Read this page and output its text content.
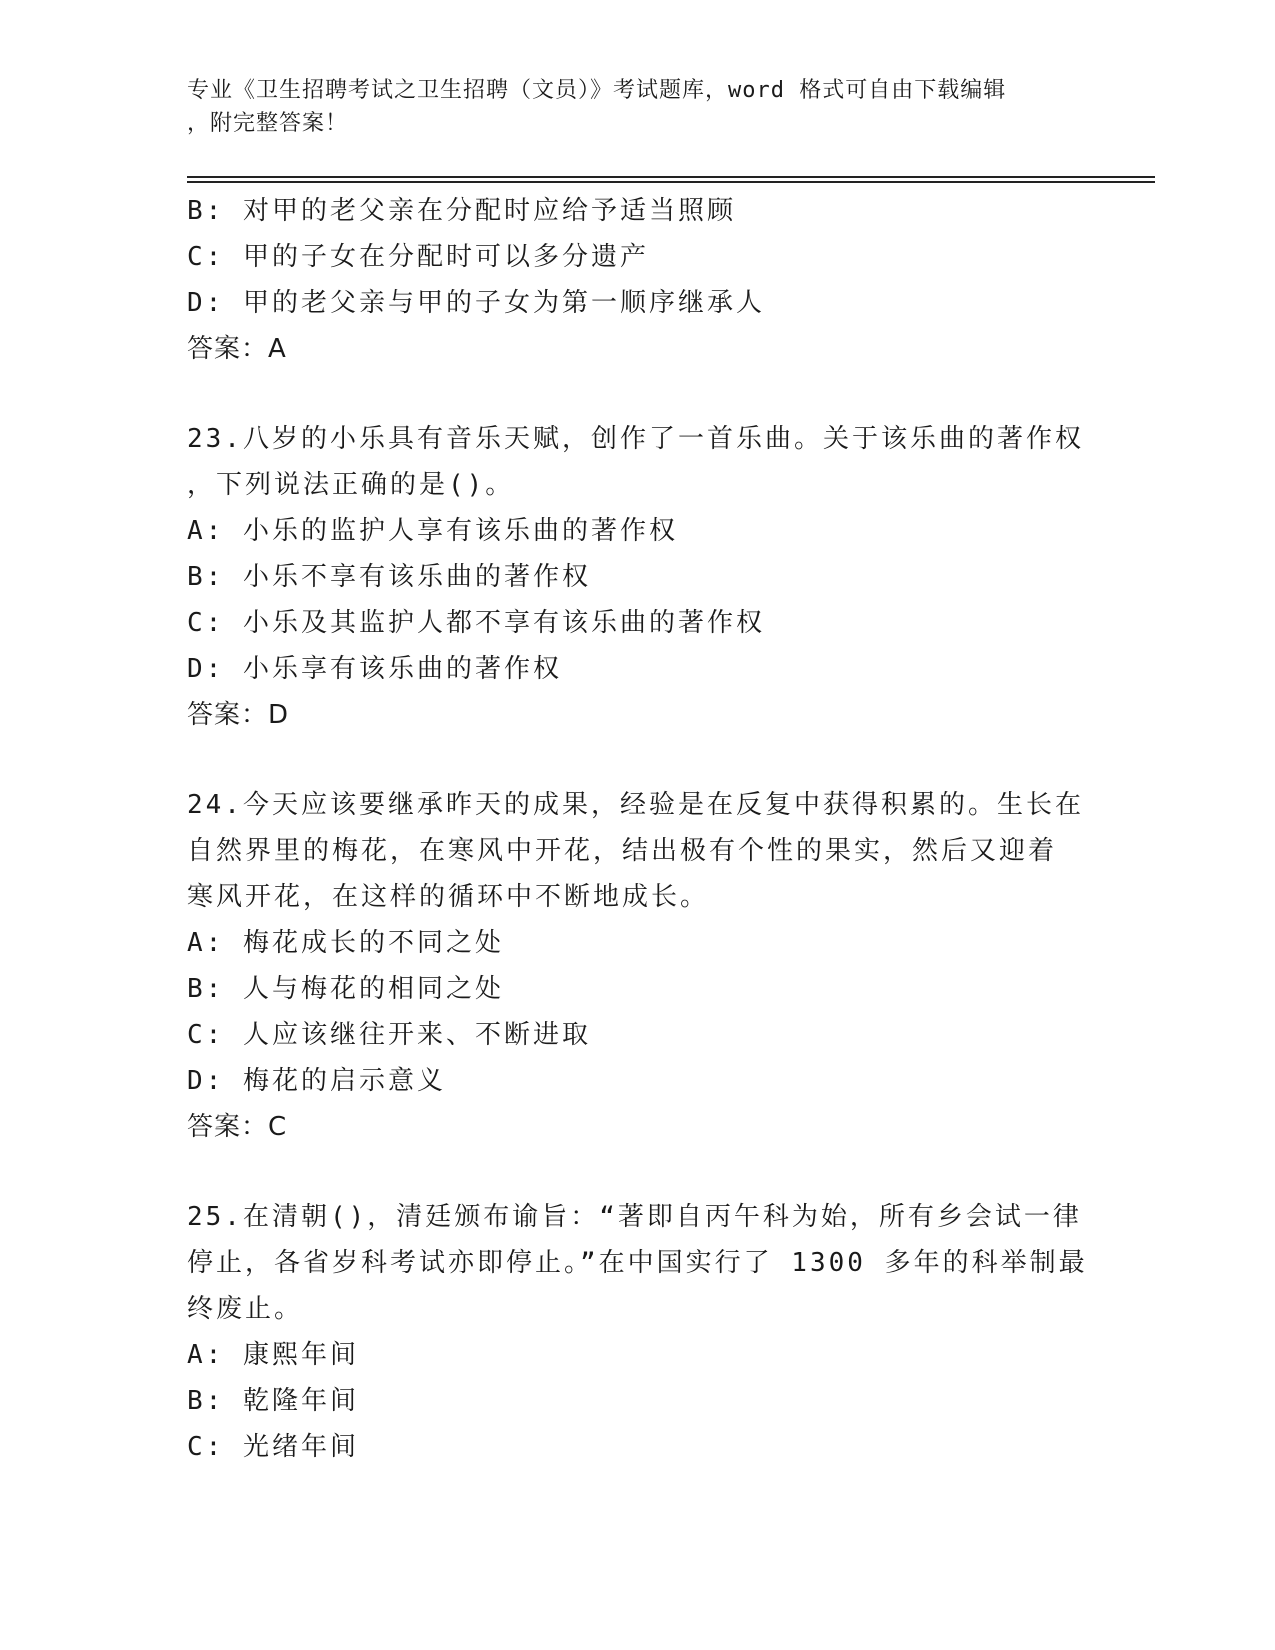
专业《卫生招聘考试之卫生招聘（文员）》考试题库，word 格式可自由下载编辑
，附完整答案！
B: 对甲的老父亲在分配时应给予适当照顾
C: 甲的子女在分配时可以多分遗产
D: 甲的老父亲与甲的子女为第一顺序继承人
答案：A
23.八岁的小乐具有音乐天赋，创作了一首乐曲。关于该乐曲的著作权
，下列说法正确的是()。
A: 小乐的监护人享有该乐曲的著作权
B: 小乐不享有该乐曲的著作权
C: 小乐及其监护人都不享有该乐曲的著作权
D: 小乐享有该乐曲的著作权
答案：D
24.今天应该要继承昨天的成果，经验是在反复中获得积累的。生长在
自然界里的梅花，在寒风中开花，结出极有个性的果实，然后又迎着
寒风开花，在这样的循环中不断地成长。
A: 梅花成长的不同之处
B: 人与梅花的相同之处
C: 人应该继往开来、不断进取
D: 梅花的启示意义
答案：C
25.在清朝()，清廷颁布谕旨：“著即自丙午科为始，所有乡会试一律
停止，各省岁科考试亦即停止。”在中国实行了 1300 多年的科举制最
终废止。
A: 康熙年间
B: 乾隆年间
C: 光绪年间
